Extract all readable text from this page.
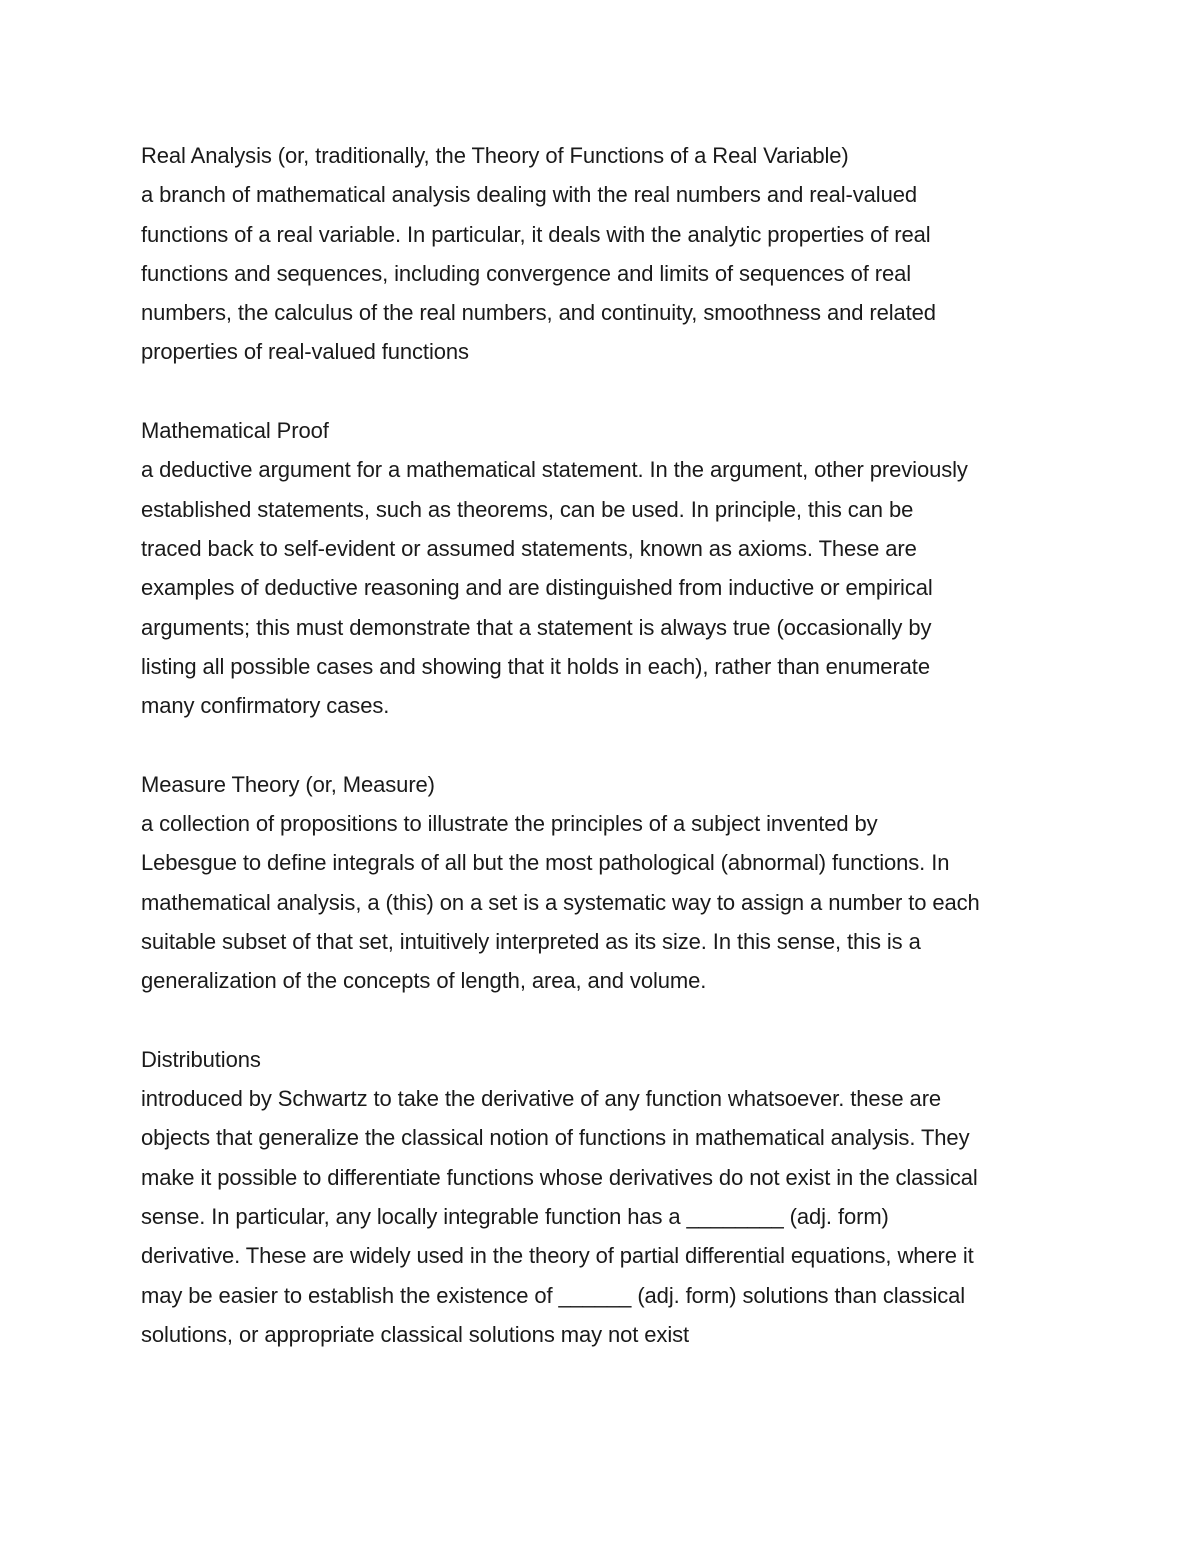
Real Analysis (or, traditionally, the Theory of Functions of a Real Variable)

a branch of mathematical analysis dealing with the real numbers and real-valued
functions of a real variable. In particular, it deals with the analytic properties of real
functions and sequences, including convergence and limits of sequences of real
numbers, the calculus of the real numbers, and continuity, smoothness and related
properties of real-valued functions

Mathematical Proof

a deductive argument for a mathematical statement. In the argument, other previously
established statements, such as theorems, can be used. In principle, this can be
traced back to self-evident or assumed statements, known as axioms. These are
examples of deductive reasoning and are distinguished from inductive or empirical
arguments; this must demonstrate that a statement is always true (occasionally by
listing all possible cases and showing that it holds in each), rather than enumerate
many confirmatory cases.

Measure Theory (or, Measure)

a collection of propositions to illustrate the principles of a subject invented by
Lebesgue to define integrals of all but the most pathological (abnormal) functions. In
mathematical analysis, a (this) on a set is a systematic way to assign a number to each
suitable subset of that set, intuitively interpreted as its size. In this sense, this is a
generalization of the concepts of length, area, and volume.

Distributions

introduced by Schwartz to take the derivative of any function whatsoever. these are
objects that generalize the classical notion of functions in mathematical analysis. They
make it possible to differentiate functions whose derivatives do not exist in the classical
sense. In particular, any locally integrable function has a ________ (adj. form)
derivative. These are widely used in the theory of partial differential equations, where it
may be easier to establish the existence of ______ (adj. form) solutions than classical
solutions, or appropriate classical solutions may not exist
